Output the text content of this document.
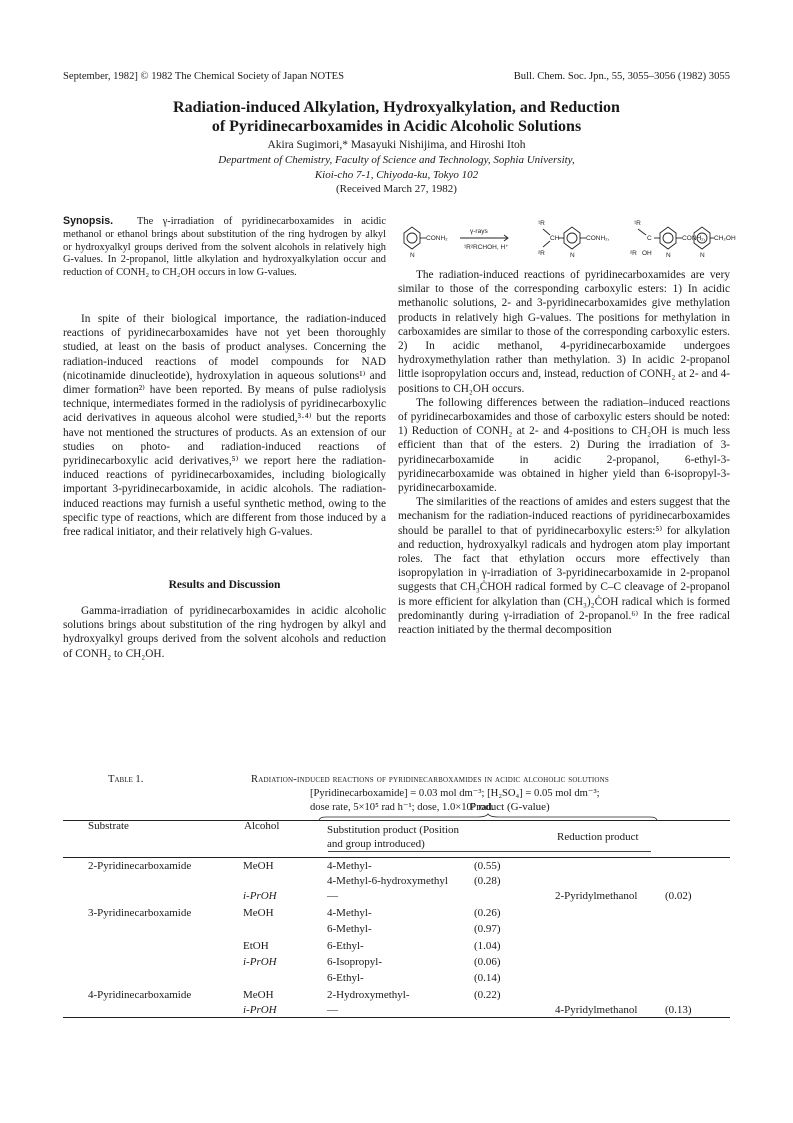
September, 1982] © 1982 The Chemical Society of Japan NOTES	Bull. Chem. Soc. Jpn., 55, 3055–3056 (1982) 3055
Radiation-induced Alkylation, Hydroxyalkylation, and Reduction
of Pyridinecarboxamides in Acidic Alcoholic Solutions
Akira Sugimori,* Masayuki Nishijima, and Hiroshi Itoh
Department of Chemistry, Faculty of Science and Technology, Sophia University,
Kioi-cho 7-1, Chiyoda-ku, Tokyo 102
(Received March 27, 1982)
Synopsis. The γ-irradiation of pyridinecarboxamides in acidic methanol or ethanol brings about substitution of the ring hydrogen by alkyl or hydroxyalkyl groups derived from the solvent alcohols in relatively high G-values. In 2-propanol, little alkylation and hydroxyalkylation occur and reduction of CONH₂ to CH₂OH occurs in low G-values.

In spite of their biological importance, the radiation-induced reactions of pyridinecarboxamides have not yet been thoroughly studied, at least on the basis of product analyses. Concerning the radiation-induced reactions of model compounds for NAD (nicotinamide dinucleotide), hydroxylation in aqueous solutions¹⁾ and dimer formation²⁾ have been reported. By means of pulse radiolysis technique, intermediates formed in the radiolysis of pyridinecarboxylic acid derivatives in aqueous alcohol were studied,³·⁴⁾ but the reports have not mentioned the structures of products. As an extension of our studies on photo- and radiation-induced reactions of pyridinecarboxylic acid derivatives,⁵⁾ we report here the radiation-induced reactions of pyridinecarboxamides, including biologically important 3-pyridinecarboxamide, in acidic alcohols. The radiation-induced reactions may furnish a useful synthetic method, owing to the specific type of reactions, which are different from those induced by a free radical initiator, and their relatively high G-values.

Results and Discussion

Gamma-irradiation of pyridinecarboxamides in acidic alcoholic solutions brings about substitution of the ring hydrogen by alkyl and hydroxyalkyl groups derived from the solvent alcohols and reduction of CONH₂ to CH₂OH.

N
CONH₂
γ-rays
¹R²RCHOH, H⁺
¹R
²R
CH
N
CONH₂,
¹R
²R
C
OH N
CONH₂, CH₂OH
N

The radiation-induced reactions of pyridinecarboxamides are very similar to those of the corresponding carboxylic esters: 1) In acidic methanolic solutions, 2- and 3-pyridinecarboxamides give methylation products in relatively high G-values. The positions for methylation in carboxamides are similar to those of the corresponding carboxylic esters. 2) In acidic methanol, 4-pyridinecarboxamide undergoes hydroxymethylation rather than methylation. 3) In acidic 2-propanol little isopropylation occurs and, instead, reduction of CONH₂ at 2- and 4-positions to CH₂OH occurs.

The following differences between the radiation–induced reactions of pyridinecarboxamides and those of carboxylic esters should be noted: 1) Reduction of CONH₂ at 2- and 4-positions to CH₂OH is much less efficient than that of the esters. 2) During the irradiation of 3-pyridinecarboxamide in acidic 2-propanol, 6-ethyl-3-pyridinecarboxamide was obtained in higher yield than 6-isopropyl-3-pyridinecarboxamide.

The similarities of the reactions of amides and esters suggest that the mechanism for the radiation-induced reactions of pyridinecarboxamides should be parallel to that of pyridinecarboxylic esters:⁵⁾ for alkylation and reduction, hydroxyalkyl radicals and hydrogen atom play important roles. The fact that ethylation occurs more effectively than isopropylation in γ-irradiation of 3-pyridinecarboxamide in 2-propanol suggests that CH₃ĊHOH radical formed by C–C cleavage of 2-propanol is more efficient for alkylation than (CH₃)₂ĊOH radical which is formed predominantly during γ-irradiation of 2-propanol.⁶⁾ In the free radical reaction initiated by the thermal decomposition

Table 1.	Radiation-induced reactions of pyridinecarboxamides in acidic alcoholic solutions
[Pyridinecarboxamide] = 0.03 mol dm⁻³; [H₂SO₄] = 0.05 mol dm⁻³;
dose rate, 5×10⁵ rad h⁻¹; dose, 1.0×10⁷ rad.
Substrate	Alcohol
Product (G-value)
Substitution product (Position
and group introduced)
Reduction product
2-Pyridinecarboxamide	MeOH	4-Methyl-	(0.55)
4-Methyl-6-hydroxymethyl (0.28)
i-PrOH	—	2-Pyridylmethanol	(0.02)
3-Pyridinecarboxamide	MeOH	4-Methyl-	(0.26)
6-Methyl-	(0.97)
EtOH	6-Ethyl-	(1.04)
i-PrOH	6-Isopropyl-	(0.06)
6-Ethyl-	(0.14)
4-Pyridinecarboxamide	MeOH	2-Hydroxymethyl-	(0.22)
i-PrOH	—	4-Pyridylmethanol	(0.13)
